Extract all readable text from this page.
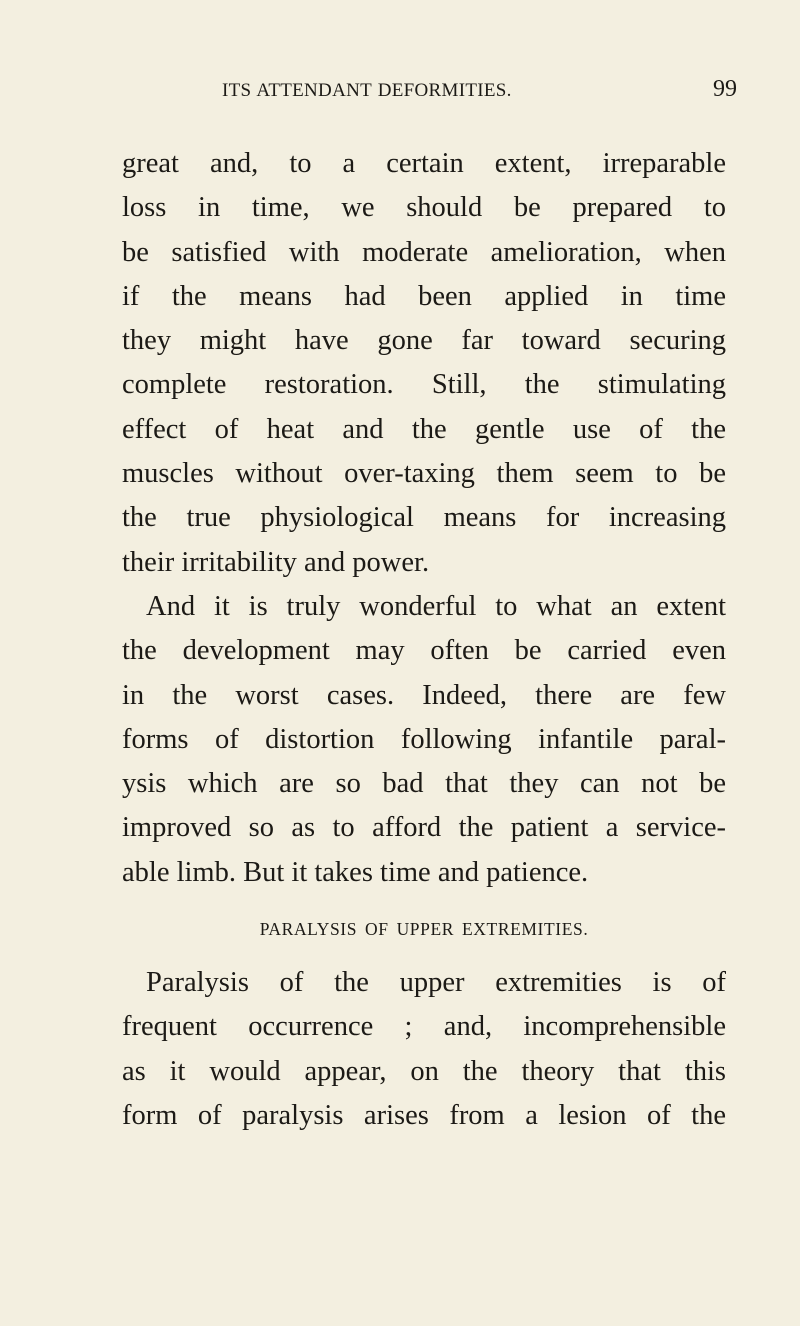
ITS ATTENDANT DEFORMITIES.	99
great and, to a certain extent, irreparable
loss in time, we should be prepared to
be satisfied with moderate amelioration, when
if the means had been applied in time
they might have gone far toward securing
complete restoration. Still, the stimulating
effect of heat and the gentle use of the
muscles without over-taxing them seem to be
the true physiological means for increasing
their irritability and power.
And it is truly wonderful to what an extent
the development may often be carried even
in the worst cases. Indeed, there are few
forms of distortion following infantile paral-
ysis which are so bad that they can not be
improved so as to afford the patient a service-
able limb. But it takes time and patience.
PARALYSIS OF UPPER EXTREMITIES.
Paralysis of the upper extremities is of
frequent occurrence ; and, incomprehensible
as it would appear, on the theory that this
form of paralysis arises from a lesion of the
